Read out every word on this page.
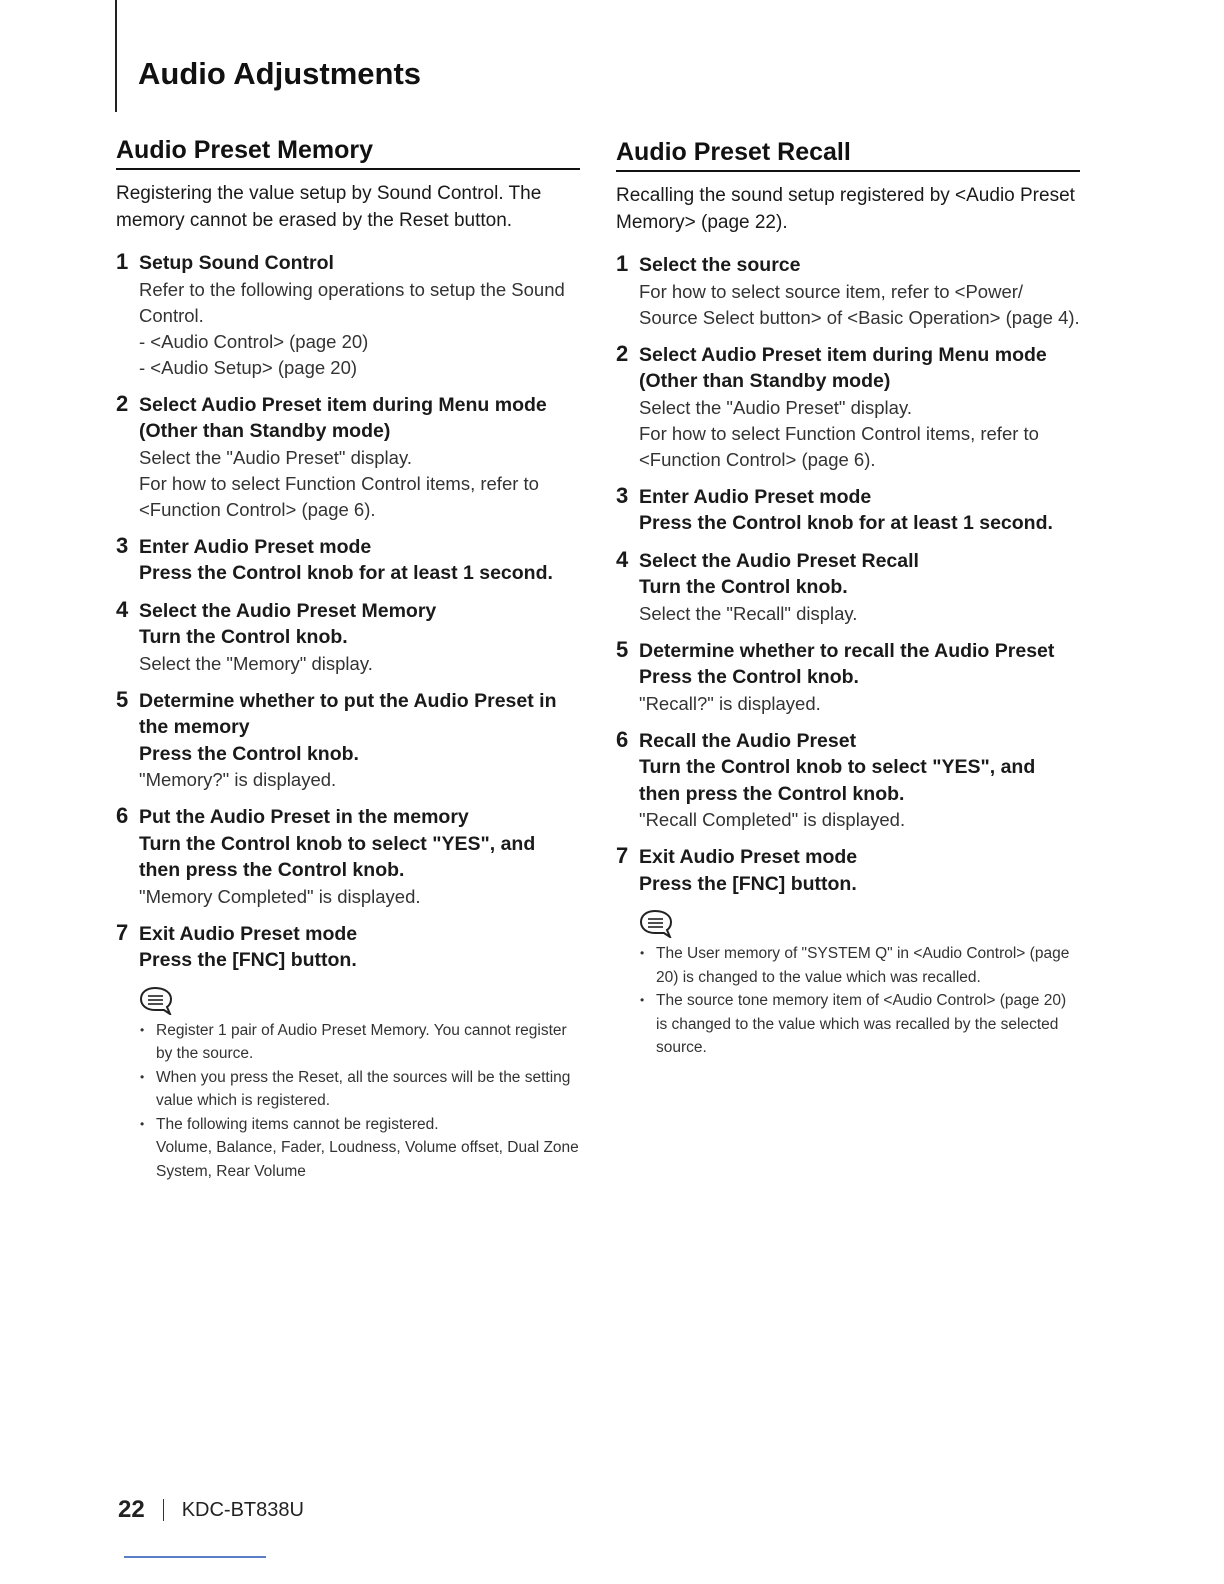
Audio Adjustments
Audio Preset Memory

Registering the value setup by Sound Control. The memory cannot be erased by the Reset button.

1 Setup Sound Control
Refer to the following operations to setup the Sound Control.
- <Audio Control> (page 20)
- <Audio Setup> (page 20)
2 Select Audio Preset item during Menu mode (Other than Standby mode)
Select the "Audio Preset" display.
For how to select Function Control items, refer to <Function Control> (page 6).
3 Enter Audio Preset mode
Press the Control knob for at least 1 second.
4 Select the Audio Preset Memory
Turn the Control knob.
Select the "Memory" display.
5 Determine whether to put the Audio Preset in the memory
Press the Control knob.
"Memory?" is displayed.
6 Put the Audio Preset in the memory
Turn the Control knob to select "YES", and then press the Control knob.
"Memory Completed" is displayed.
7 Exit Audio Preset mode
Press the [FNC] button.
• Register 1 pair of Audio Preset Memory. You cannot register by the source.
• When you press the Reset, all the sources will be the setting value which is registered.
• The following items cannot be registered.
Volume, Balance, Fader, Loudness, Volume offset, Dual Zone System, Rear Volume
Audio Preset Recall

Recalling the sound setup registered by <Audio Preset Memory> (page 22).

1 Select the source
For how to select source item, refer to <Power/ Source Select button> of <Basic Operation> (page 4).
2 Select Audio Preset item during Menu mode (Other than Standby mode)
Select the "Audio Preset" display.
For how to select Function Control items, refer to <Function Control> (page 6).
3 Enter Audio Preset mode
Press the Control knob for at least 1 second.
4 Select the Audio Preset Recall
Turn the Control knob.
Select the "Recall" display.
5 Determine whether to recall the Audio Preset
Press the Control knob.
"Recall?" is displayed.
6 Recall the Audio Preset
Turn the Control knob to select "YES", and then press the Control knob.
"Recall Completed" is displayed.
7 Exit Audio Preset mode
Press the [FNC] button.
• The User memory of "SYSTEM Q" in <Audio Control> (page 20) is changed to the value which was recalled.
• The source tone memory item of <Audio Control> (page 20) is changed to the value which was recalled by the selected source.
22 KDC-BT838U
